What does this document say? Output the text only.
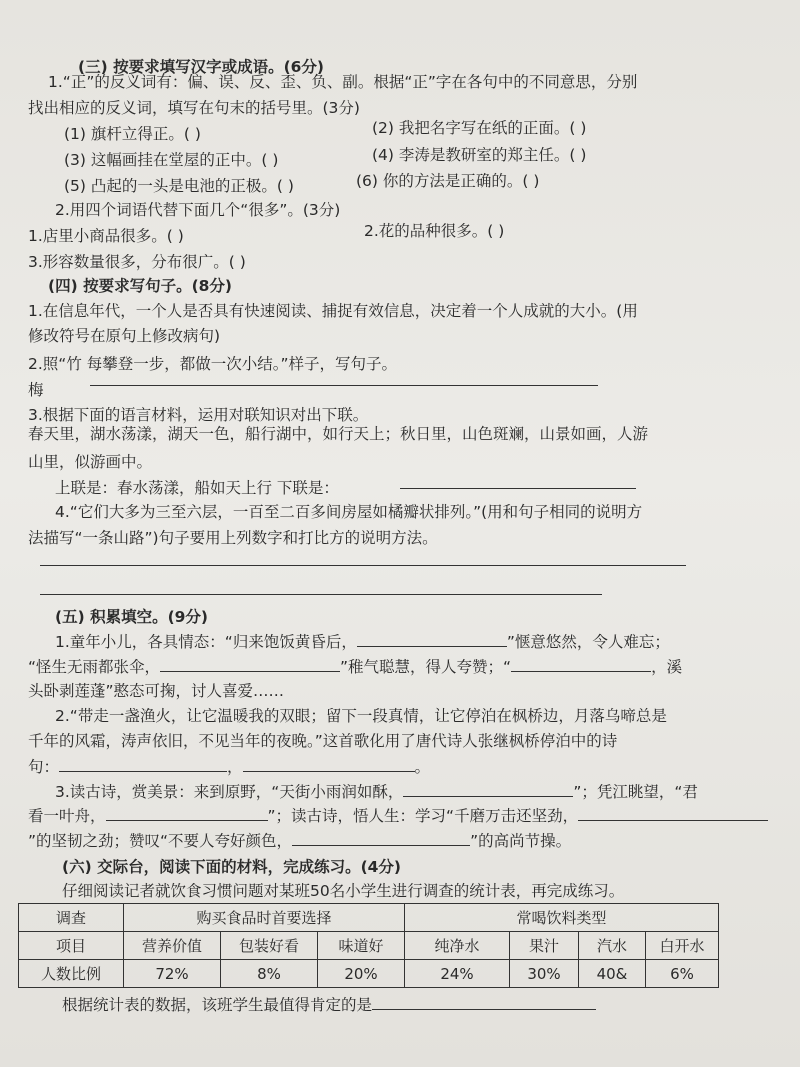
(三) 按要求填写汉字或成语。(6分)
1.“正”的反义词有：偏、误、反、歪、负、副。根据“正”字在各句中的不同意思，分别
找出相应的反义词，填写在句末的括号里。(3分)
(1) 旗杆立得正。( )	(2) 我把名字写在纸的正面。( )
(3) 这幅画挂在堂屋的正中。( )	(4) 李涛是教研室的郑主任。( )
(5) 凸起的一头是电池的正极。( )	(6) 你的方法是正确的。( )
2.用四个词语代替下面几个“很多”。(3分)
1.店里小商品很多。( )	2.花的品种很多。( )
3.形容数量很多，分布很广。( )
(四) 按要求写句子。(8分)
1.在信息年代，一个人是否具有快速阅读、捕捉有效信息，决定着一个人成就的大小。(用
修改符号在原句上修改病句)
2.照“竹 每攀登一步，都做一次小结。”样子，写句子。
梅
3.根据下面的语言材料，运用对联知识对出下联。
春天里，湖水荡漾，湖天一色，船行湖中，如行天上；秋日里，山色斑斓，山景如画，人游
山里，似游画中。
上联是：春水荡漾，船如天上行 下联是：
4.“它们大多为三至六层，一百至二百多间房屋如橘瓣状排列。”(用和句子相同的说明方
法描写“一条山路”)句子要用上列数字和打比方的说明方法。
(五) 积累填空。(9分)
1.童年小儿，各具情态：“归来饱饭黄昏后，	”惬意悠然，令人难忘；
“怪生无雨都张伞，	”稚气聪慧，得人夸赞；“	，溪
头卧剥莲蓬”憨态可掬，讨人喜爱……
2.“带走一盏渔火，让它温暖我的双眼；留下一段真情，让它停泊在枫桥边，月落乌啼总是
千年的风霜，涛声依旧，不见当年的夜晚。”这首歌化用了唐代诗人张继枫桥停泊中的诗
句：	，	。
3.读古诗，赏美景：来到原野，“天街小雨润如酥，	”；凭江眺望，“君
看一叶舟，	”；读古诗，悟人生：学习“千磨万击还坚劲，
”的坚韧之劲；赞叹“不要人夸好颜色，	”的高尚节操。
(六) 交际台，阅读下面的材料，完成练习。(4分)
仔细阅读记者就饮食习惯问题对某班50名小学生进行调查的统计表，再完成练习。
调查	购买食品时首要选择			常喝饮料类型			
项目	营养价值	包装好看	味道好	纯净水	果汁	汽水	白开水
人数比例	72%	8%	20%	24%	30%	40&	6%
根据统计表的数据，该班学生最值得肯定的是
